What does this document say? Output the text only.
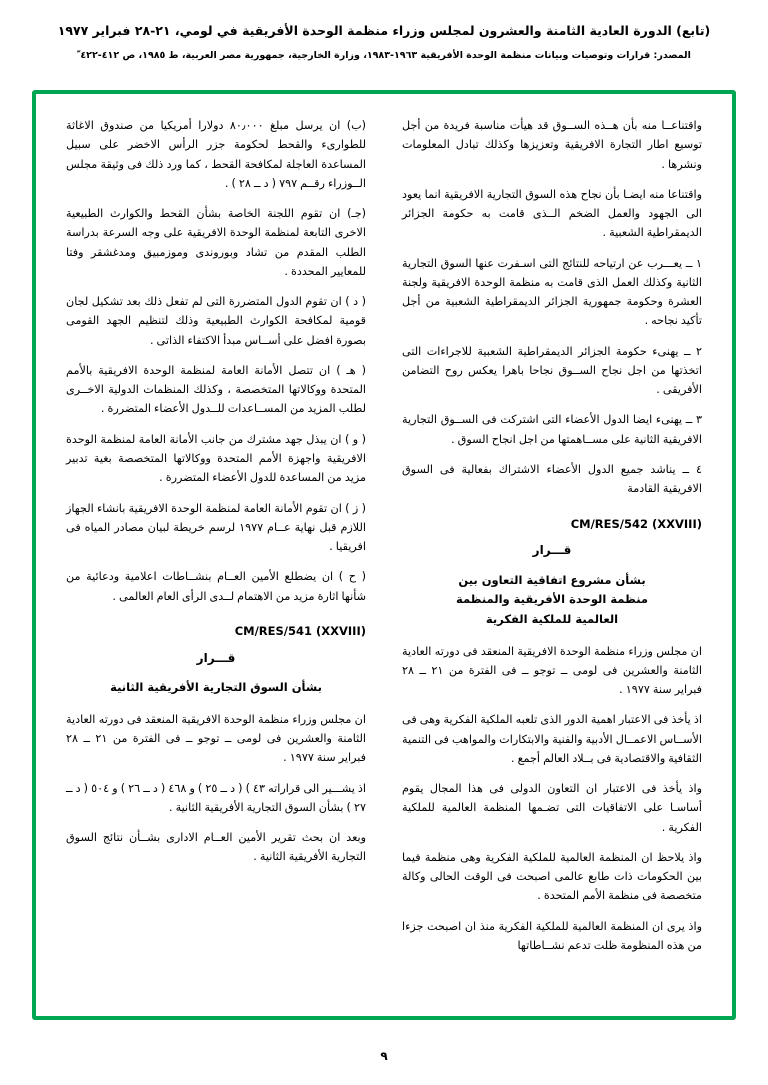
(تابع) الدورة العادية الثامنة والعشرون لمجلس وزراء منظمة الوحدة الأفريقية في لومي، ٢١-٢٨ فبراير ١٩٧٧
المصدر: ‪قرارات وتوصيات وبيانات منظمة الوحدة الأفريقية ١٩٦٣-١٩٨٣‬، وزارة الخارجية، جمهورية مصر العربية، ط ١٩٨٥، ص ٤١٢-٤٢٢ ّ

واقتناعــا منه بأن هــذه الســوق قد هيأت مناسبة فريدة من أجل توسيع اطار التجارة الافريقية وتعزيزها وكذلك تبادل المعلومات ونشرها .

واقتناعا منه ايضـا بأن نجاح هذه السوق التجارية الافريقية انما يعود الى الجهود والعمل الضخم الــذى قامت به حكومة الجزائر الديمقراطية الشعبية .

١ ــ يعـــرب عن ارتياحه للنتائج التى اسـفرت عنها السوق التجارية الثانية وكذلك العمل الذى قامت به منظمة الوحدة الافريقية ولجنة العشرة وحكومة جمهورية الجزائر الديمقراطية الشعبية من أجل تأكيد نجاحه .

٢ ــ يهنىء حكومة الجزائر الديمقراطية الشعبية للاجراءات التى اتخذتها من اجل نجاح الســوق نجاحا باهرا يعكس روح التضامن الأفريقى .

٣ ــ يهنىء ايضا الدول الأعضاء التى اشتركت فى الســوق التجارية الافريقية الثانية على مســاهمتها من اجل انجاح السوق .

٤ ــ يناشد جميع الدول الأعضاء الاشتراك بفعالية فى السوق الافريقية القادمة

CM/RES/542 (XXVIII)
قـــرار
بشأن مشروع اتفاقية التعاون بين
منظمة الوحدة الأفريقية والمنظمة
العالمية للملكية الفكرية

ان مجلس وزراء منظمة الوحدة الافريقية المنعقد فى دورته العادية الثامنة والعشرين فى لومى ــ توجو ــ فى الفترة من ٢١ ــ ٢٨ فبراير سنة ١٩٧٧ .

اذ يأخذ فى الاعتبار اهمية الدور الذى تلعبه الملكية الفكرية وهى فى الأســاس الاعمــال الأدبية والفنية والابتكارات والمواهب فى التنمية الثقافية والاقتصادية فى بــلاد العالم أجمع .

واذ يأخذ فى الاعتبار ان التعاون الدولى فى هذا المجال يقوم أساسـا على الاتفاقيات التى تضـمها المنظمة العالمية للملكية الفكرية .

واذ يلاحظ ان المنظمة العالمية للملكية الفكرية وهى منظمة فيما بين الحكومات ذات طابع عالمى اصبحت فى الوقت الحالى وكالة متخصصة فى منظمة الأمم المتحدة .

واذ يرى ان المنظمة العالمية للملكية الفكرية منذ ان اصبحت جزءا من هذه المنظومة ظلت تدعم نشــاطاتها

(ب) ان يرسل مبلغ ٨٠٫٠٠٠ دولارا أمريكيا من صندوق الاغاثة للطوارىء والقحط لحكومة جزر الرأس الاخضر على سبيل المساعدة العاجلة لمكافحة القحط ، كما ورد ذلك فى وثيقة مجلس الــوزراء رقــم ٧٩٧ ( د ــ ٢٨ ) .

(جـ) ان تقوم اللجنة الخاصة بشأن القحط والكوارث الطبيعية الاخرى التابعة لمنظمة الوحدة الافريقية على وجه السرعة بدراسة الطلب المقدم من تشاد وبوروندى وموزمبيق ومدغشقر وفتا للمعايير المحددة .

( د ) ان تقوم الدول المتضررة التى لم تفعل ذلك بعد تشكيل لجان قومية لمكافحة الكوارث الطبيعية وذلك لتنظيم الجهد القومى بصورة افضل على أســاس مبدأ الاكتفاء الذاتى .

( هـ ) ان تتصل الأمانة العامة لمنظمة الوحدة الافريقية بالأمم المتحدة ووكالاتها المتخصصة ، وكذلك المنظمات الدولية الاخــرى لطلب المزيد من المســاعدات للــدول الأعضاء المتضررة .

( و ) ان يبذل جهد مشترك من جانب الأمانة العامة لمنظمة الوحدة الافريقية واجهزة الأمم المتحدة ووكالاتها المتخصصة بغية تدبير مزيد من المساعدة للدول الأعضاء المتضررة .

( ز ) ان تقوم الأمانة العامة لمنظمة الوحدة الافريقية بانشاء الجهاز اللازم قبل نهاية عــام ١٩٧٧ لرسم خريطة لبيان مصادر المياه فى افريقيا .

( ح ) ان يضطلع الأمين العــام بنشــاطات اعلامية ودعائية من شأنها اثارة مزيد من الاهتمام لــدى الرأى العام العالمى .

CM/RES/541 (XXVIII)
قـــرار
بشأن السوق التجارية الأفريقية الثانية

ان مجلس وزراء منظمة الوحدة الافريقية المنعقد فى دورته العادية الثامنة والعشرين فى لومى ــ توجو ــ فى الفترة من ٢١ ــ ٢٨ فبراير سنة ١٩٧٧ .

اذ يشـــير الى قراراته ٤٣ ) ( د ــ ٢٥ ) و ٤٦٨ ( د ــ ٢٦ ) و ٥٠٤ ( د ــ ٢٧ ) بشأن السوق التجارية الأفريقية الثانية .

وبعد ان بحث تقرير الأمين العــام الادارى بشــأن نتائج السوق التجارية الأفريقية الثانية .

٩
